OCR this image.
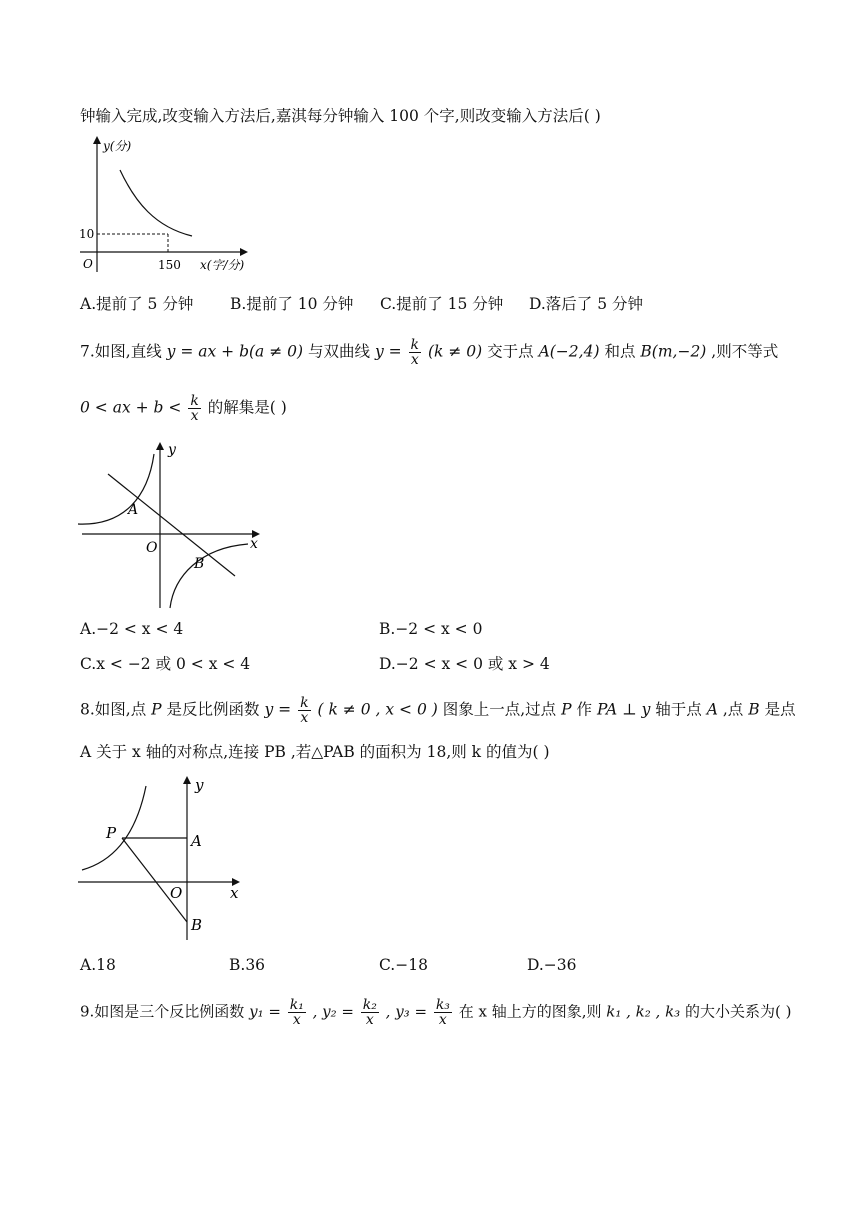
钟输入完成,改变输入方法后,嘉淇每分钟输入 100 个字,则改变输入方法后( )
y(分)
x(字/分)
O
10
150
A.提前了 5 分钟 B.提前了 10 分钟 C.提前了 15 分钟 D.落后了 5 分钟
7.如图,直线 y = ax + b(a ≠ 0) 与双曲线 $y = \frac{k}{x} (k \ne 0)$ 交于点 A(−2,4) 和点 B(m,−2) ,则不等式
0 < ax + $b < \frac{k}{x}$ 的解集是( )
y
x
O
A
B
A.−2 < x < 4	B.−2 < x < 0
C.x < −2 或 0 < x < 4	D.−2 < x < 0 或 x > 4
8.如图,点 P 是反比例函数 $y = \frac{k}{x}$ ( k ≠ 0 , x < 0 ) 图象上一点,过点 P 作 PA ⊥ y 轴于点 A ,点 B 是点
A 关于 x 轴的对称点,连接 PB ,若△PAB 的面积为 18,则 k 的值为( )
y
x
O
P	A
B
A.18	B.36	C.−18	D.−36
9.如图是三个反比例函数 $y_1 = \frac{\text{k₁}}{x}$ , $y_2 = \frac{\text{k₂}}{x}$ , $y_3 = \frac{\text{k₃}}{x}$ 在 x 轴上方的图象,则 k₁ , k₂ , k₃ 的大小关系为( )
